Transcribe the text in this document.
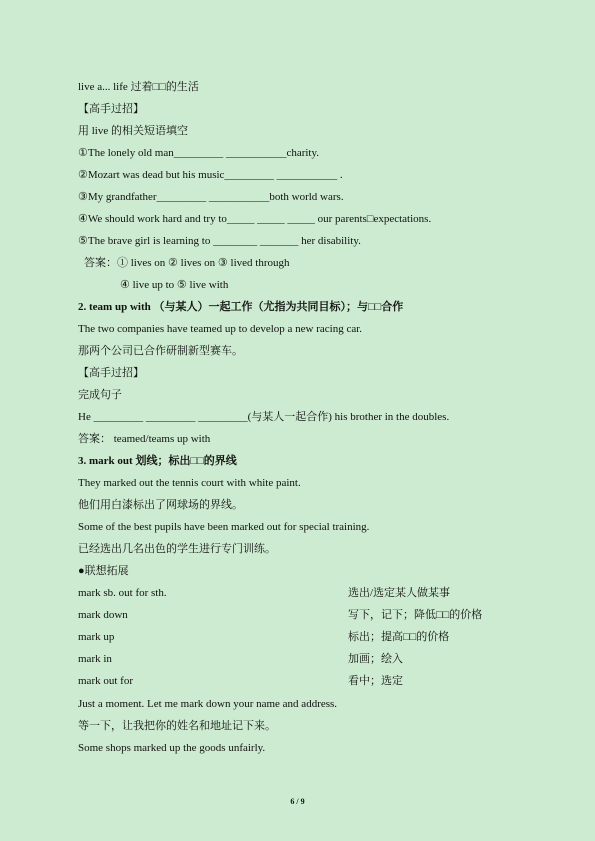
live a... life 过着□□的生活
【高手过招】
用 live 的相关短语填空
①The lonely old man_________ ___________charity.
②Mozart was dead but his music_________ ___________ .
③My grandfather_________ ___________both world wars.
④We should work hard and try to_____ _____ _____ our parents□expectations.
⑤The brave girl is learning to ________ _______ her disability.
答案：① lives on ② lives on ③ lived through
④ live up to ⑤ live with
2. team up with （与某人）一起工作（尤指为共同目标）；与□□合作
The two companies have teamed up to develop a new racing car.
那两个公司已合作研制新型赛车。
【高手过招】
完成句子
He _________ _________ _________(与某人一起合作) his brother in the doubles.
答案： teamed/teams up with
3. mark out 划线；标出□□的界线
They marked out the tennis court with white paint.
他们用白漆标出了网球场的界线。
Some of the best pupils have been marked out for special training.
已经选出几名出色的学生进行专门训练。
●联想拓展
mark sb. out for sth.	选出/选定某人做某事
mark down	写下，记下；降低□□的价格
mark up	标出；提高□□的价格
mark in	加画；绘入
mark out for	看中；选定
Just a moment. Let me mark down your name and address.
等一下，让我把你的姓名和地址记下来。
Some shops marked up the goods unfairly.
6 / 9
